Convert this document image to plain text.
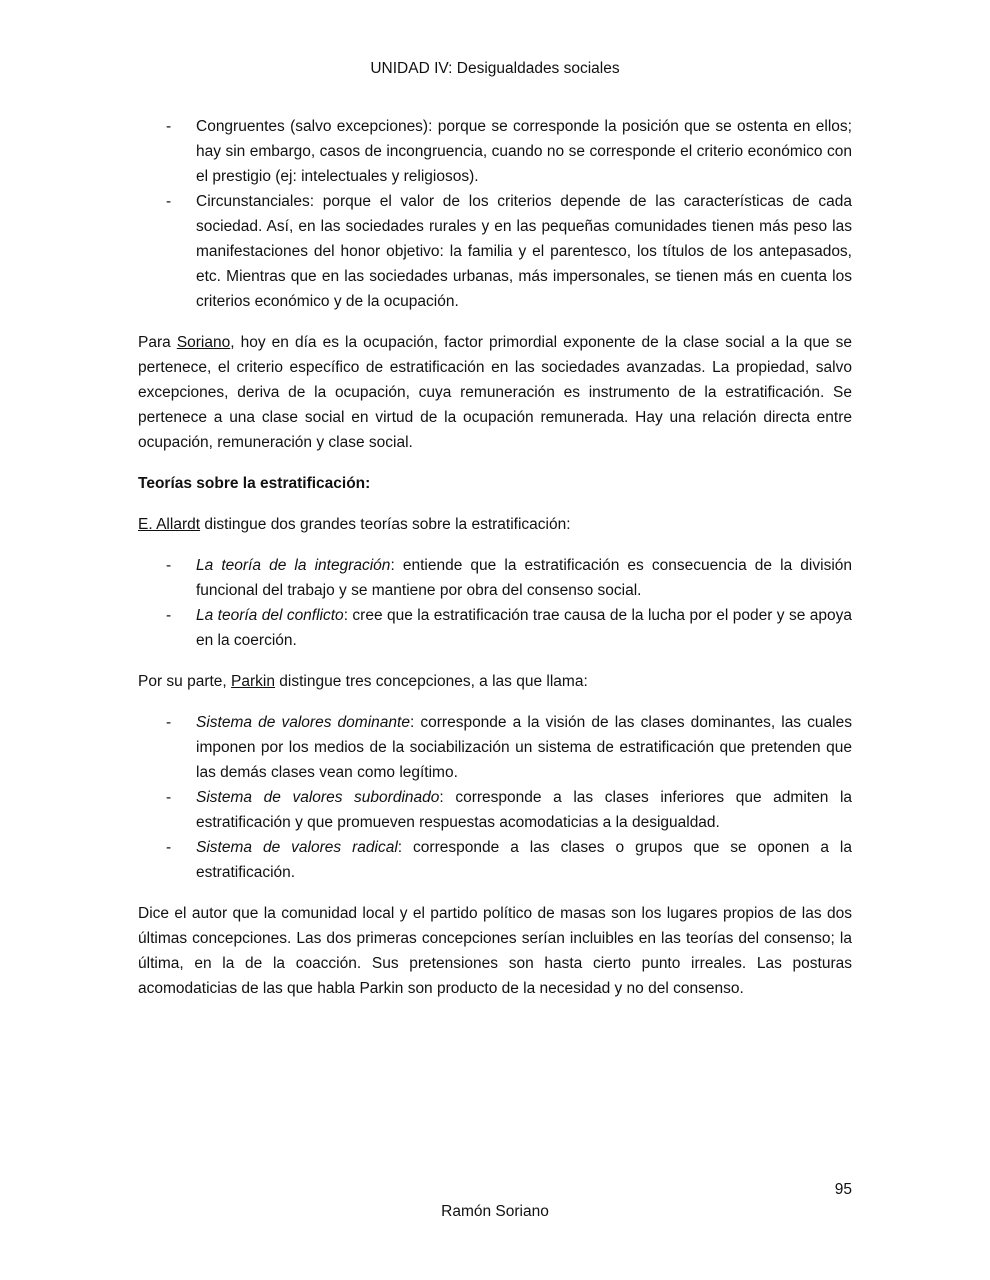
UNIDAD IV: Desigualdades sociales
- Congruentes (salvo excepciones): porque se corresponde la posición que se ostenta en ellos; hay sin embargo, casos de incongruencia, cuando no se corresponde el criterio económico con el prestigio (ej: intelectuales y religiosos).
- Circunstanciales: porque el valor de los criterios depende de las características de cada sociedad. Así, en las sociedades rurales y en las pequeñas comunidades tienen más peso las manifestaciones del honor objetivo: la familia y el parentesco, los títulos de los antepasados, etc. Mientras que en las sociedades urbanas, más impersonales, se tienen más en cuenta los criterios económico y de la ocupación.

Para Soriano, hoy en día es la ocupación, factor primordial exponente de la clase social a la que se pertenece, el criterio específico de estratificación en las sociedades avanzadas. La propiedad, salvo excepciones, deriva de la ocupación, cuya remuneración es instrumento de la estratificación. Se pertenece a una clase social en virtud de la ocupación remunerada. Hay una relación directa entre ocupación, remuneración y clase social.

Teorías sobre la estratificación:

E. Allardt distingue dos grandes teorías sobre la estratificación:

- La teoría de la integración: entiende que la estratificación es consecuencia de la división funcional del trabajo y se mantiene por obra del consenso social.
- La teoría del conflicto: cree que la estratificación trae causa de la lucha por el poder y se apoya en la coerción.

Por su parte, Parkin distingue tres concepciones, a las que llama:

- Sistema de valores dominante: corresponde a la visión de las clases dominantes, las cuales imponen por los medios de la sociabilización un sistema de estratificación que pretenden que las demás clases vean como legítimo.
- Sistema de valores subordinado: corresponde a las clases inferiores que admiten la estratificación y que promueven respuestas acomodaticias a la desigualdad.
- Sistema de valores radical: corresponde a las clases o grupos que se oponen a la estratificación.

Dice el autor que la comunidad local y el partido político de masas son los lugares propios de las dos últimas concepciones. Las dos primeras concepciones serían incluibles en las teorías del consenso; la última, en la de la coacción. Sus pretensiones son hasta cierto punto irreales. Las posturas acomodaticias de las que habla Parkin son producto de la necesidad y no del consenso.

95
Ramón Soriano
